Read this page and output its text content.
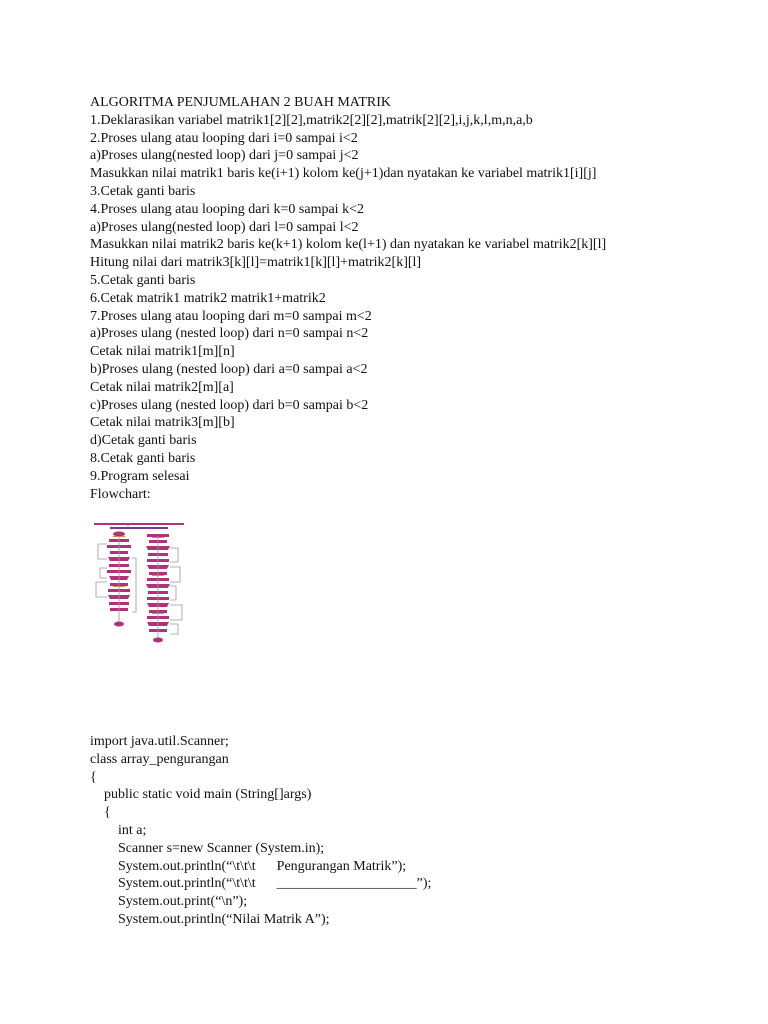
ALGORITMA PENJUMLAHAN 2 BUAH MATRIK

1.Deklarasikan variabel matrik1[2][2],matrik2[2][2],matrik[2][2],i,j,k,l,m,n,a,b

2.Proses ulang atau looping dari i=0 sampai i<2

a)Proses ulang(nested loop) dari j=0 sampai j<2

Masukkan nilai matrik1 baris ke(i+1) kolom ke(j+1)dan nyatakan ke variabel matrik1[i][j]

3.Cetak ganti baris

4.Proses ulang atau looping dari k=0 sampai k<2

a)Proses ulang(nested loop) dari l=0 sampai l<2

Masukkan nilai matrik2 baris ke(k+1) kolom ke(l+1) dan nyatakan ke variabel matrik2[k][l]

Hitung nilai dari matrik3[k][l]=matrik1[k][l]+matrik2[k][l]

5.Cetak ganti baris

6.Cetak matrik1 matrik2 matrik1+matrik2

7.Proses ulang atau looping dari m=0 sampai m<2

a)Proses ulang (nested loop) dari n=0 sampai n<2

Cetak nilai matrik1[m][n]

b)Proses ulang (nested loop) dari a=0 sampai a<2

Cetak nilai matrik2[m][a]

c)Proses ulang (nested loop) dari b=0 sampai b<2

Cetak nilai matrik3[m][b]

d)Cetak ganti baris

8.Cetak ganti baris

9.Program selesai

Flowchart:

import java.util.Scanner;

class array_pengurangan

{

public static void main (String[]args)

{

int a;

Scanner s=new Scanner (System.in);

System.out.println(“\t\t\t      Pengurangan Matrik”);

System.out.println(“\t\t\t      ____________________”);

System.out.print(“\n”);

System.out.println(“Nilai Matrik A”);
